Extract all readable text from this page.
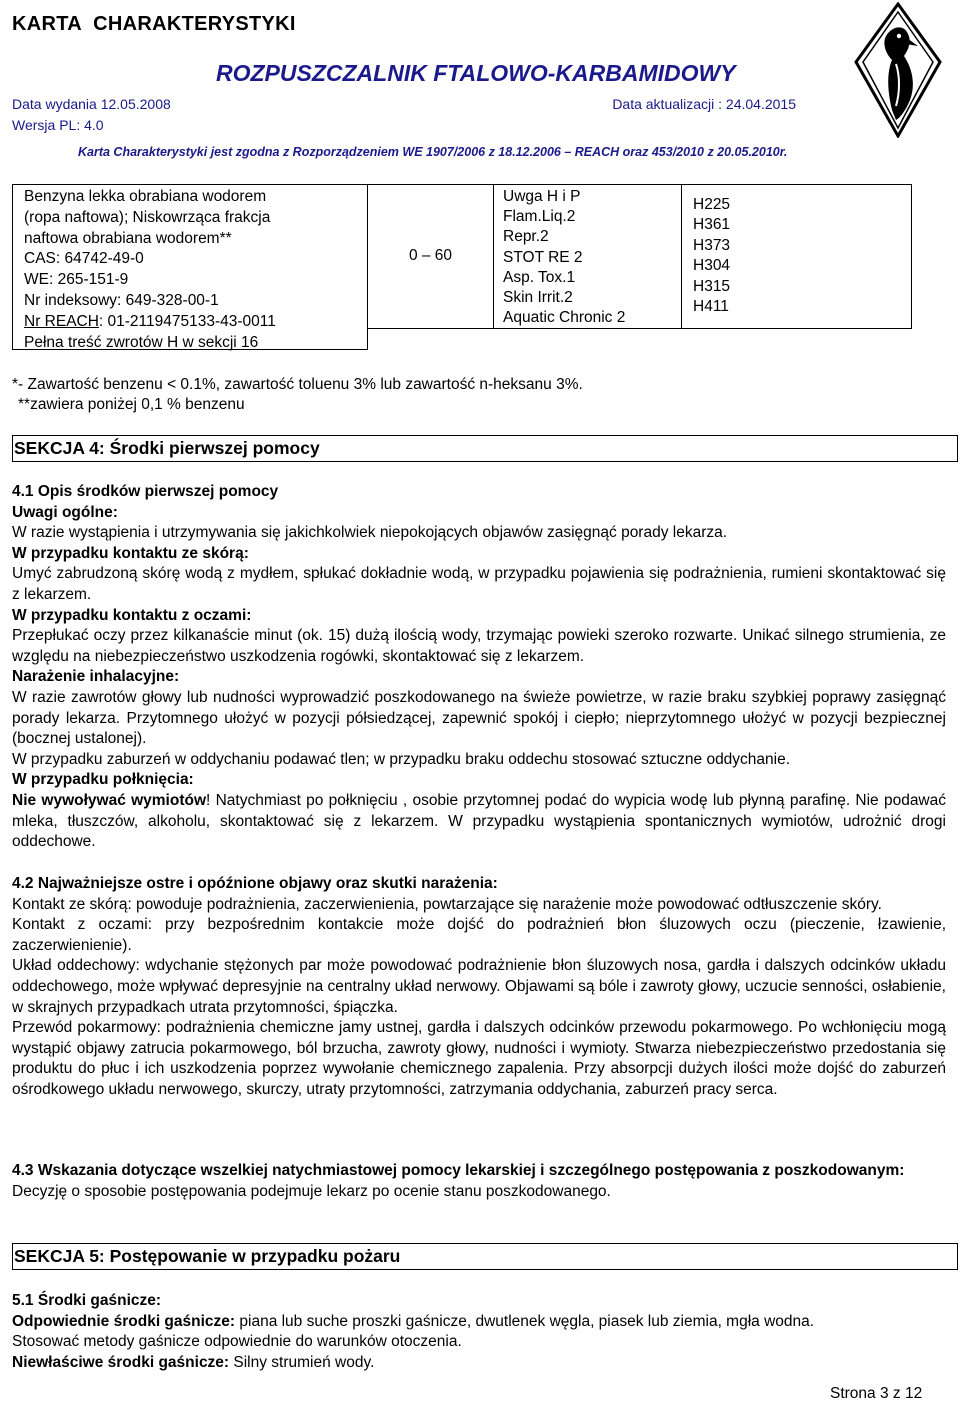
KARTA CHARAKTERYSTYKI
ROZPUSZCZALNIK FTALOWO-KARBAMIDOWY
Data wydania 12.05.2008	Data aktualizacji : 24.04.2015
Wersja PL: 4.0
Karta Charakterystyki jest zgodna z Rozporządzeniem WE 1907/2006 z 18.12.2006 – REACH oraz 453/2010 z 20.05.2010r.
Benzyna lekka obrabiana wodorem
(ropa naftowa); Niskowrząca frakcja
naftowa obrabiana wodorem**
CAS: 64742-49-0
WE: 265-151-9
Nr indeksowy: 649-328-00-1
Nr REACH: 01-2119475133-43-0011
Pełna treść zwrotów H w sekcji 16
0 – 60
Uwga H i P
Flam.Liq.2
Repr.2
STOT RE 2
Asp. Tox.1
Skin Irrit.2
Aquatic Chronic 2
H225
H361
H373
H304
H315
H411
*- Zawartość benzenu < 0.1%, zawartość toluenu 3% lub zawartość n-heksanu 3%.
**zawiera poniżej 0,1 % benzenu
SEKCJA 4: Środki pierwszej pomocy

4.1 Opis środków pierwszej pomocy

Uwagi ogólne:

W razie wystąpienia i utrzymywania się jakichkolwiek niepokojących objawów zasięgnąć porady lekarza.

W przypadku kontaktu ze skórą:

Umyć zabrudzoną skórę wodą z mydłem, spłukać dokładnie wodą, w przypadku pojawienia się podrażnienia, rumieni skontaktować się z lekarzem.

W przypadku kontaktu z oczami:

Przepłukać oczy przez kilkanaście minut (ok. 15) dużą ilością wody, trzymając powieki szeroko rozwarte. Unikać silnego strumienia, ze względu na niebezpieczeństwo uszkodzenia rogówki, skontaktować się z lekarzem.

Narażenie inhalacyjne:

W razie zawrotów głowy lub nudności wyprowadzić poszkodowanego na świeże powietrze, w razie braku szybkiej poprawy zasięgnąć porady lekarza. Przytomnego ułożyć w pozycji półsiedzącej, zapewnić spokój i ciepło; nieprzytomnego ułożyć w pozycji bezpiecznej (bocznej ustalonej).

W przypadku zaburzeń w oddychaniu podawać tlen; w przypadku braku oddechu stosować sztuczne oddychanie.

W przypadku połknięcia:

Nie wywoływać wymiotów! Natychmiast po połknięciu , osobie przytomnej podać do wypicia wodę lub płynną parafinę. Nie podawać mleka, tłuszczów, alkoholu, skontaktować się z lekarzem. W przypadku wystąpienia spontanicznych wymiotów, udrożnić drogi oddechowe.

4.2 Najważniejsze ostre i opóźnione objawy oraz skutki narażenia:

Kontakt ze skórą: powoduje podrażnienia, zaczerwienienia, powtarzające się narażenie może powodować odtłuszczenie skóry.

Kontakt z oczami: przy bezpośrednim kontakcie może dojść do podrażnień błon śluzowych oczu (pieczenie, łzawienie, zaczerwienienie).

Układ oddechowy: wdychanie stężonych par może powodować podrażnienie błon śluzowych nosa, gardła i dalszych odcinków układu oddechowego, może wpływać depresyjnie na centralny układ nerwowy. Objawami są bóle i zawroty głowy, uczucie senności, osłabienie, w skrajnych przypadkach utrata przytomności, śpiączka.

Przewód pokarmowy: podrażnienia chemiczne jamy ustnej, gardła i dalszych odcinków przewodu pokarmowego. Po wchłonięciu mogą wystąpić objawy zatrucia pokarmowego, ból brzucha, zawroty głowy, nudności i wymioty. Stwarza niebezpieczeństwo przedostania się produktu do płuc i ich uszkodzenia poprzez wywołanie chemicznego zapalenia. Przy absorpcji dużych ilości może dojść do zaburzeń ośrodkowego układu nerwowego, skurczy, utraty przytomności, zatrzymania oddychania, zaburzeń pracy serca.

4.3 Wskazania dotyczące wszelkiej natychmiastowej pomocy lekarskiej i szczególnego postępowania z poszkodowanym:

Decyzję o sposobie postępowania podejmuje lekarz po ocenie stanu poszkodowanego.

SEKCJA 5: Postępowanie w przypadku pożaru

5.1 Środki gaśnicze:

Odpowiednie środki gaśnicze: piana lub suche proszki gaśnicze, dwutlenek węgla, piasek lub ziemia, mgła wodna.

Stosować metody gaśnicze odpowiednie do warunków otoczenia.

Niewłaściwe środki gaśnicze: Silny strumień wody.

Strona 3 z 12
